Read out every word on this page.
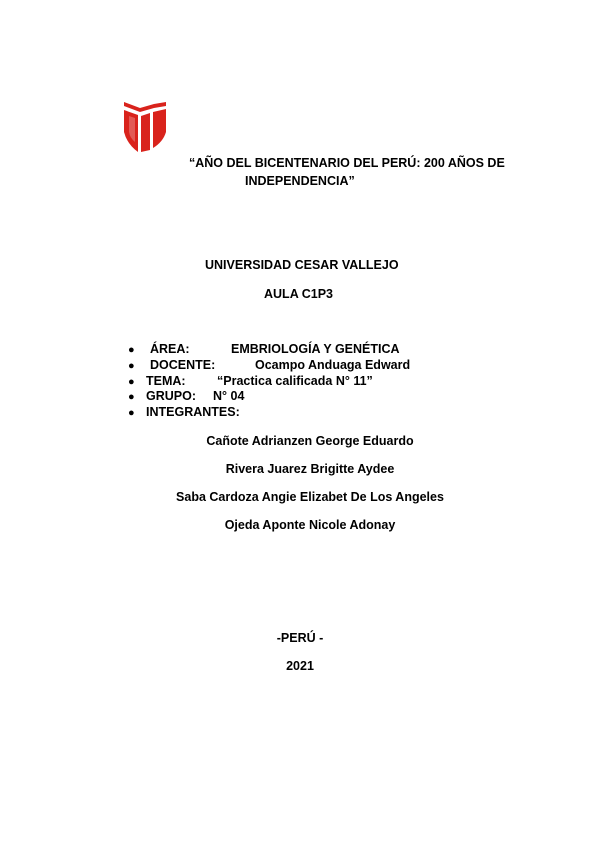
“AÑO DEL BICENTENARIO DEL PERÚ: 200 AÑOS DE
INDEPENDENCIA”
UNIVERSIDAD CESAR VALLEJO
AULA C1P3
● ÁREA:	EMBRIOLOGÍA Y GENÉTICA
● DOCENTE:	Ocampo Anduaga Edward
● TEMA:	“Practica calificada N° 11”
● GRUPO: N° 04
● INTEGRANTES:
Cañote Adrianzen George Eduardo
Rivera Juarez Brigitte Aydee
Saba Cardoza Angie Elizabet De Los Angeles
Ojeda Aponte Nicole Adonay
-PERÚ -
2021
